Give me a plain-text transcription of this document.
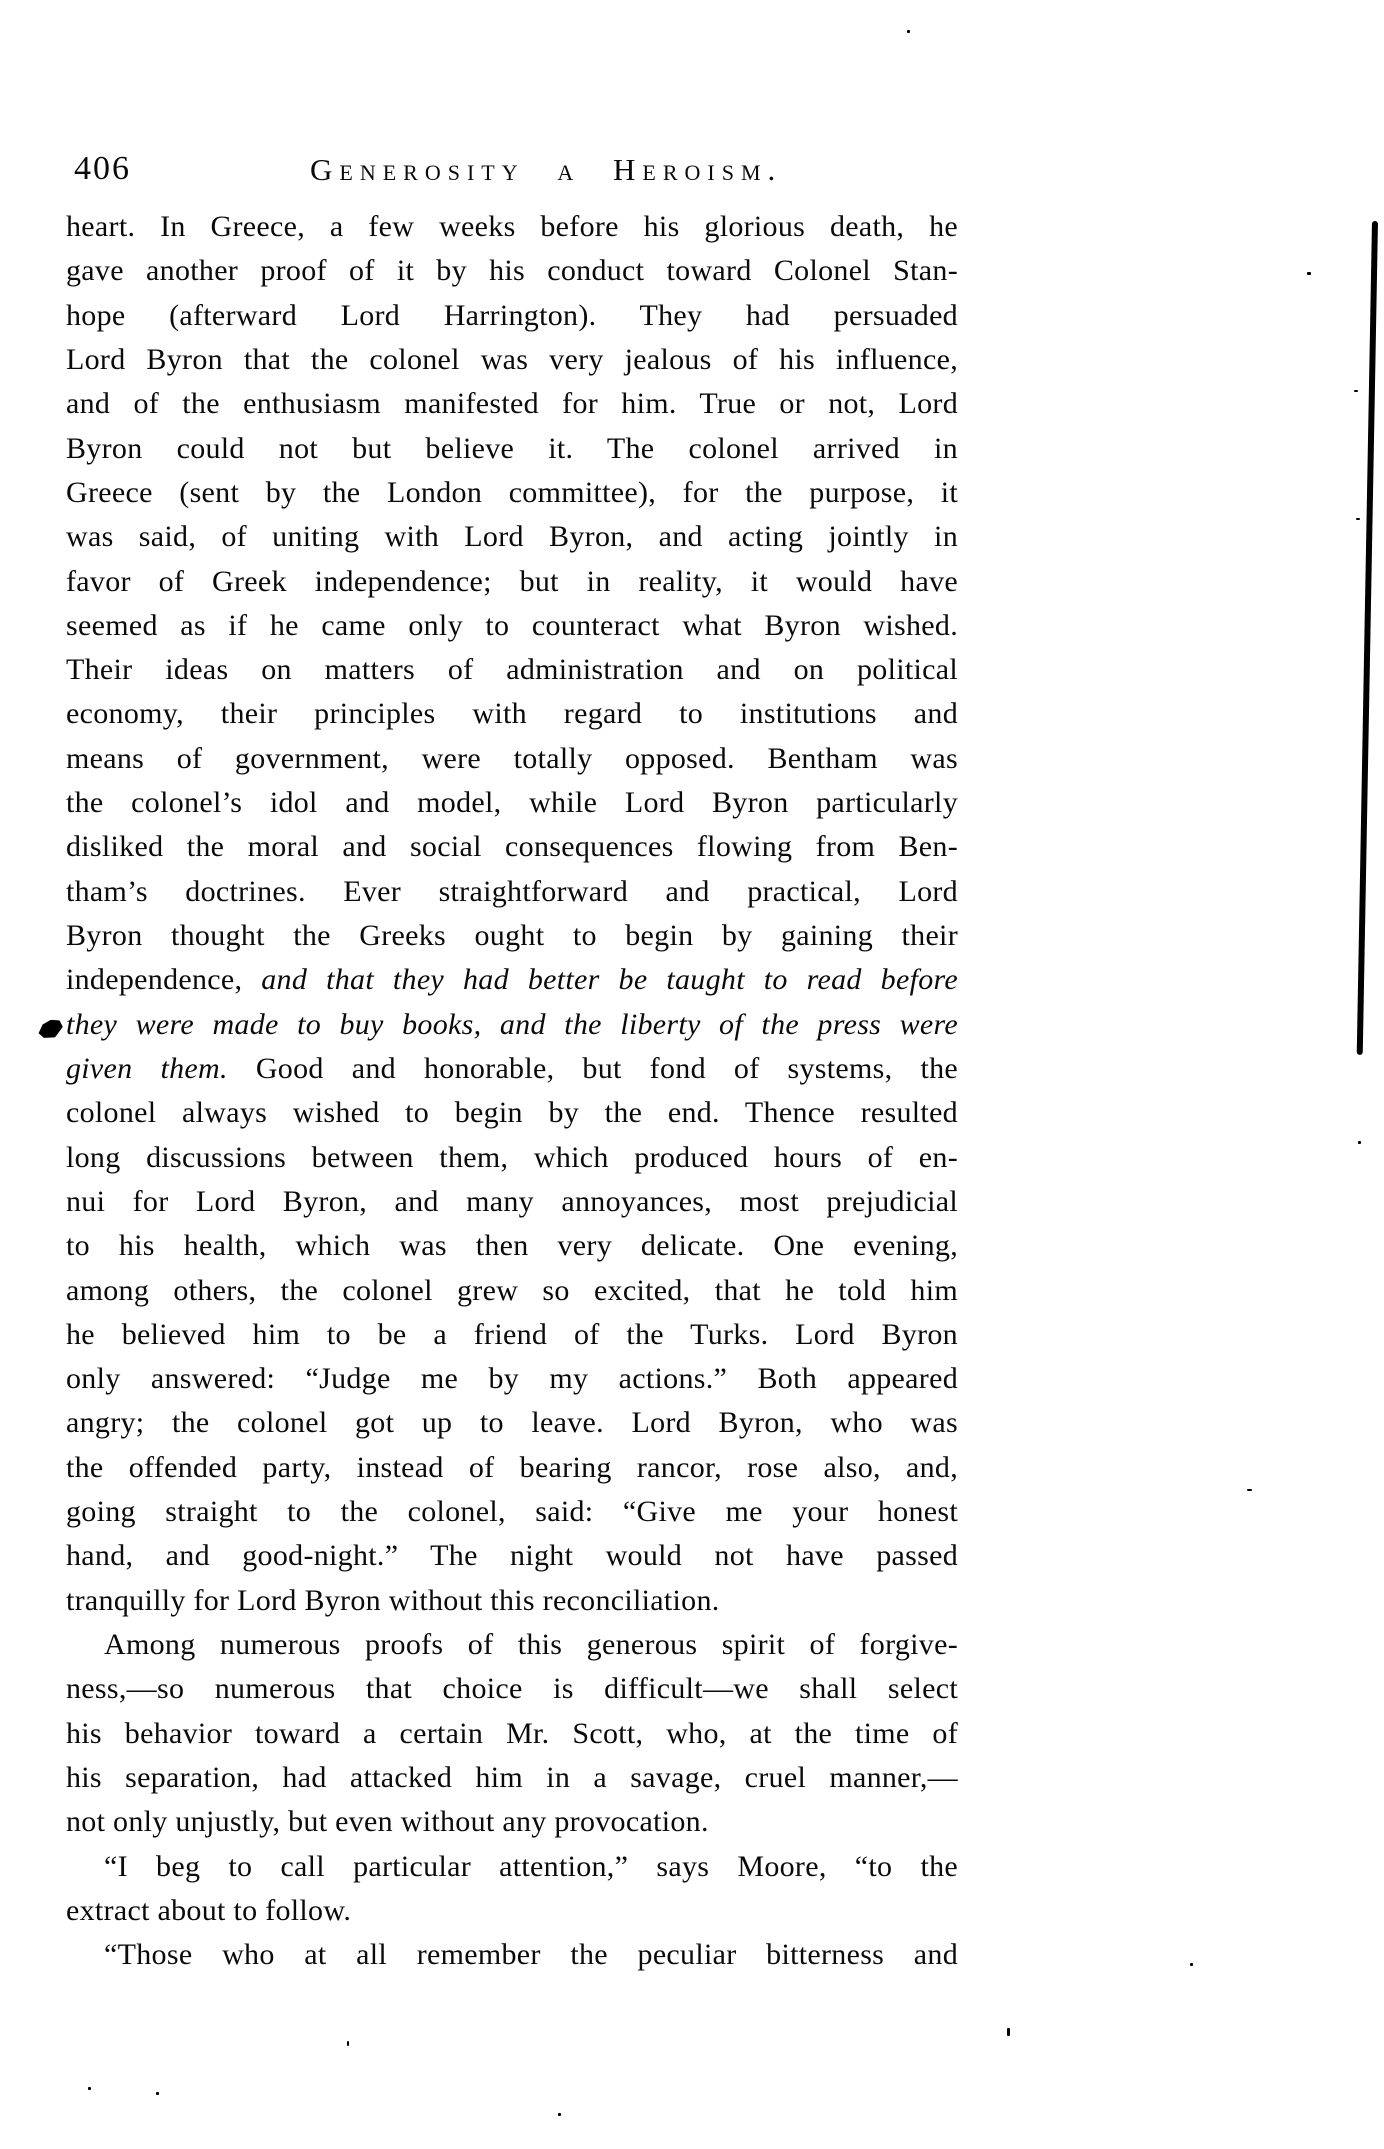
406	Generosity a Heroism.
heart. In Greece, a few weeks before his glorious death, he
gave another proof of it by his conduct toward Colonel Stan-
hope (afterward Lord Harrington). They had persuaded
Lord Byron that the colonel was very jealous of his influence,
and of the enthusiasm manifested for him. True or not, Lord
Byron could not but believe it. The colonel arrived in
Greece (sent by the London committee), for the purpose, it
was said, of uniting with Lord Byron, and acting jointly in
favor of Greek independence; but in reality, it would have
seemed as if he came only to counteract what Byron wished.
Their ideas on matters of administration and on political
economy, their principles with regard to institutions and
means of government, were totally opposed. Bentham was
the colonel’s idol and model, while Lord Byron particularly
disliked the moral and social consequences flowing from Ben-
tham’s doctrines. Ever straightforward and practical, Lord
Byron thought the Greeks ought to begin by gaining their
independence, and that they had better be taught to read before
they were made to buy books, and the liberty of the press were
given them. Good and honorable, but fond of systems, the
colonel always wished to begin by the end. Thence resulted
long discussions between them, which produced hours of en-
nui for Lord Byron, and many annoyances, most prejudicial
to his health, which was then very delicate. One evening,
among others, the colonel grew so excited, that he told him
he believed him to be a friend of the Turks. Lord Byron
only answered: “Judge me by my actions.” Both appeared
angry; the colonel got up to leave. Lord Byron, who was
the offended party, instead of bearing rancor, rose also, and,
going straight to the colonel, said: “Give me your honest
hand, and good-night.” The night would not have passed
tranquilly for Lord Byron without this reconciliation.
Among numerous proofs of this generous spirit of forgive-
ness,—so numerous that choice is difficult—we shall select
his behavior toward a certain Mr. Scott, who, at the time of
his separation, had attacked him in a savage, cruel manner,—
not only unjustly, but even without any provocation.
“I beg to call particular attention,” says Moore, “to the
extract about to follow.
“Those who at all remember the peculiar bitterness and
